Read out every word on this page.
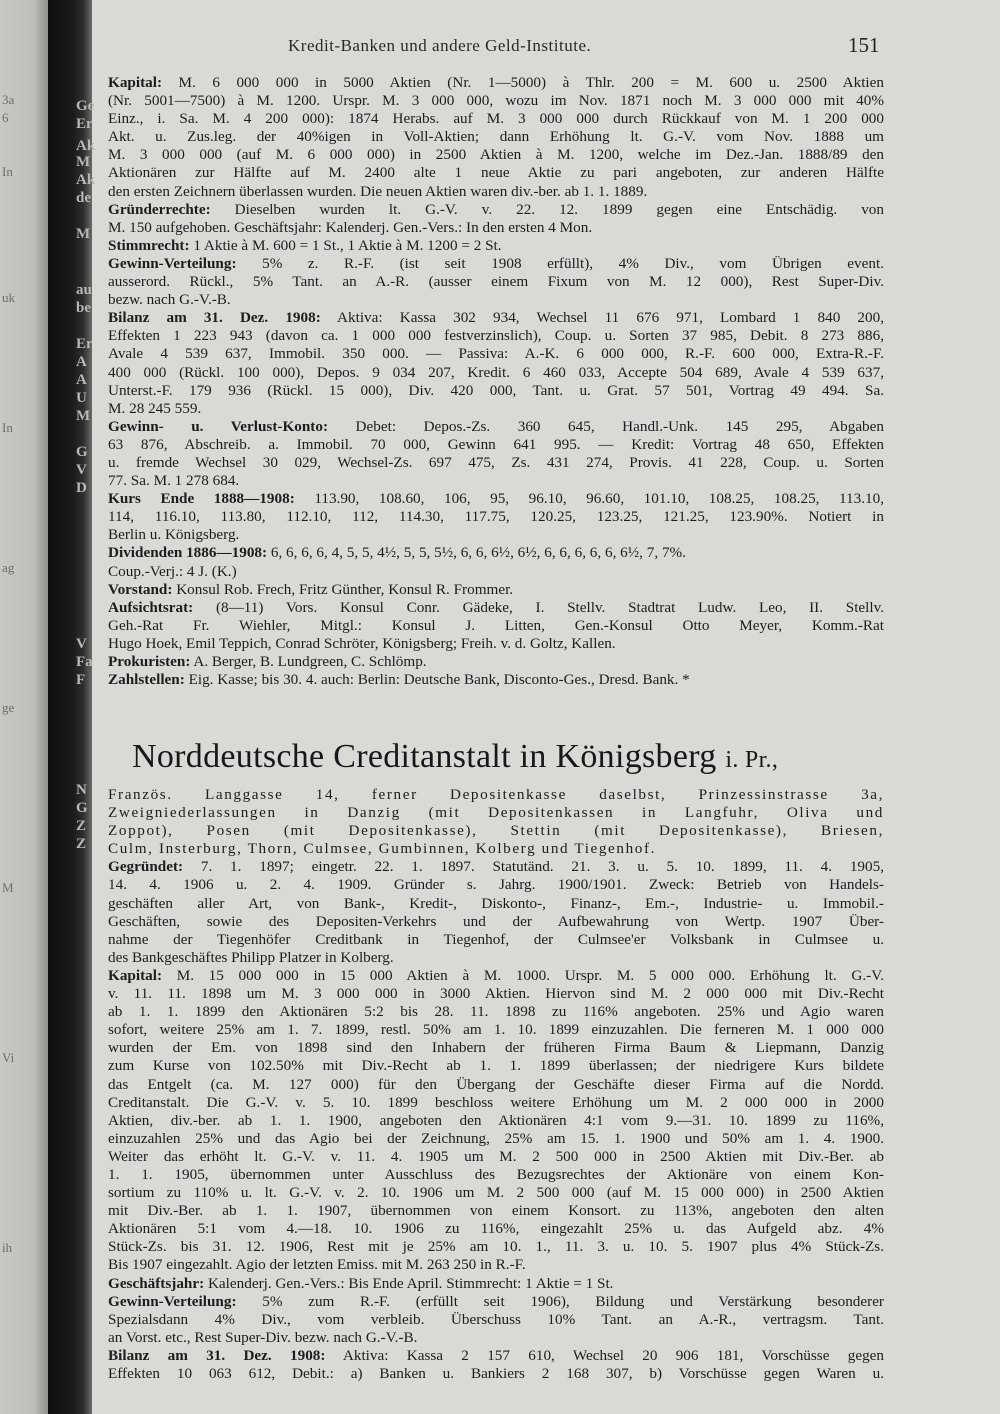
3a
6
In
uk
In
ag
ge
M
Vi
ih
Ge
Er
Ak
M
Ak
de
M
au
be
Er
A
A
U
M
G
V
D
V
Fa
F
N
G
Z
Z
Kredit-Banken und andere Geld-Institute.	151
Kapital: M. 6 000 000 in 5000 Aktien (Nr. 1—5000) à Thlr. 200 = M. 600 u. 2500 Aktien
(Nr. 5001—7500) à M. 1200. Urspr. M. 3 000 000, wozu im Nov. 1871 noch M. 3 000 000 mit 40%
Einz., i. Sa. M. 4 200 000): 1874 Herabs. auf M. 3 000 000 durch Rückkauf von M. 1 200 000
Akt. u. Zus.leg. der 40%igen in Voll-Aktien; dann Erhöhung lt. G.-V. vom Nov. 1888 um
M. 3 000 000 (auf M. 6 000 000) in 2500 Aktien à M. 1200, welche im Dez.-Jan. 1888/89 den
Aktionären zur Hälfte auf M. 2400 alte 1 neue Aktie zu pari angeboten, zur anderen Hälfte
den ersten Zeichnern überlassen wurden. Die neuen Aktien waren div.-ber. ab 1. 1. 1889.
Gründerrechte: Dieselben wurden lt. G.-V. v. 22. 12. 1899 gegen eine Entschädig. von
M. 150 aufgehoben. Geschäftsjahr: Kalenderj. Gen.-Vers.: In den ersten 4 Mon.
Stimmrecht: 1 Aktie à M. 600 = 1 St., 1 Aktie à M. 1200 = 2 St.
Gewinn-Verteilung: 5% z. R.-F. (ist seit 1908 erfüllt), 4% Div., vom Übrigen event.
ausserord. Rückl., 5% Tant. an A.-R. (ausser einem Fixum von M. 12 000), Rest Super-Div.
bezw. nach G.-V.-B.
Bilanz am 31. Dez. 1908: Aktiva: Kassa 302 934, Wechsel 11 676 971, Lombard 1 840 200,
Effekten 1 223 943 (davon ca. 1 000 000 festverzinslich), Coup. u. Sorten 37 985, Debit. 8 273 886,
Avale 4 539 637, Immobil. 350 000. — Passiva: A.-K. 6 000 000, R.-F. 600 000, Extra-R.-F.
400 000 (Rückl. 100 000), Depos. 9 034 207, Kredit. 6 460 033, Accepte 504 689, Avale 4 539 637,
Unterst.-F. 179 936 (Rückl. 15 000), Div. 420 000, Tant. u. Grat. 57 501, Vortrag 49 494. Sa.
M. 28 245 559.
Gewinn- u. Verlust-Konto: Debet: Depos.-Zs. 360 645, Handl.-Unk. 145 295, Abgaben
63 876, Abschreib. a. Immobil. 70 000, Gewinn 641 995. — Kredit: Vortrag 48 650, Effekten
u. fremde Wechsel 30 029, Wechsel-Zs. 697 475, Zs. 431 274, Provis. 41 228, Coup. u. Sorten
77. Sa. M. 1 278 684.
Kurs Ende 1888—1908: 113.90, 108.60, 106, 95, 96.10, 96.60, 101.10, 108.25, 108.25, 113.10,
114, 116.10, 113.80, 112.10, 112, 114.30, 117.75, 120.25, 123.25, 121.25, 123.90%. Notiert in
Berlin u. Königsberg.
Dividenden 1886—1908: 6, 6, 6, 6, 4, 5, 5, 4½, 5, 5, 5½, 6, 6, 6½, 6½, 6, 6, 6, 6, 6, 6½, 7, 7%.
Coup.-Verj.: 4 J. (K.)
Vorstand: Konsul Rob. Frech, Fritz Günther, Konsul R. Frommer.
Aufsichtsrat: (8—11) Vors. Konsul Conr. Gädeke, I. Stellv. Stadtrat Ludw. Leo, II. Stellv.
Geh.-Rat Fr. Wiehler, Mitgl.: Konsul J. Litten, Gen.-Konsul Otto Meyer, Komm.-Rat
Hugo Hoek, Emil Teppich, Conrad Schröter, Königsberg; Freih. v. d. Goltz, Kallen.
Prokuristen: A. Berger, B. Lundgreen, C. Schlömp.
Zahlstellen: Eig. Kasse; bis 30. 4. auch: Berlin: Deutsche Bank, Disconto-Ges., Dresd. Bank. *
Norddeutsche Creditanstalt in Königsberg i. Pr.,
Französ. Langgasse 14, ferner Depositenkasse daselbst, Prinzessinstrasse 3a,
Zweigniederlassungen in Danzig (mit Depositenkassen in Langfuhr, Oliva und
Zoppot), Posen (mit Depositenkasse), Stettin (mit Depositenkasse), Briesen,
Culm, Insterburg, Thorn, Culmsee, Gumbinnen, Kolberg und Tiegenhof.
Gegründet: 7. 1. 1897; eingetr. 22. 1. 1897. Statutänd. 21. 3. u. 5. 10. 1899, 11. 4. 1905,
14. 4. 1906 u. 2. 4. 1909. Gründer s. Jahrg. 1900/1901. Zweck: Betrieb von Handels-
geschäften aller Art, von Bank-, Kredit-, Diskonto-, Finanz-, Em.-, Industrie- u. Immobil.-
Geschäften, sowie des Depositen-Verkehrs und der Aufbewahrung von Wertp. 1907 Über-
nahme der Tiegenhöfer Creditbank in Tiegenhof, der Culmsee'er Volksbank in Culmsee u.
des Bankgeschäftes Philipp Platzer in Kolberg.
Kapital: M. 15 000 000 in 15 000 Aktien à M. 1000. Urspr. M. 5 000 000. Erhöhung lt. G.-V.
v. 11. 11. 1898 um M. 3 000 000 in 3000 Aktien. Hiervon sind M. 2 000 000 mit Div.-Recht
ab 1. 1. 1899 den Aktionären 5:2 bis 28. 11. 1898 zu 116% angeboten. 25% und Agio waren
sofort, weitere 25% am 1. 7. 1899, restl. 50% am 1. 10. 1899 einzuzahlen. Die ferneren M. 1 000 000
wurden der Em. von 1898 sind den Inhabern der früheren Firma Baum & Liepmann, Danzig
zum Kurse von 102.50% mit Div.-Recht ab 1. 1. 1899 überlassen; der niedrigere Kurs bildete
das Entgelt (ca. M. 127 000) für den Übergang der Geschäfte dieser Firma auf die Nordd.
Creditanstalt. Die G.-V. v. 5. 10. 1899 beschloss weitere Erhöhung um M. 2 000 000 in 2000
Aktien, div.-ber. ab 1. 1. 1900, angeboten den Aktionären 4:1 vom 9.—31. 10. 1899 zu 116%,
einzuzahlen 25% und das Agio bei der Zeichnung, 25% am 15. 1. 1900 und 50% am 1. 4. 1900.
Weiter das erhöht lt. G.-V. v. 11. 4. 1905 um M. 2 500 000 in 2500 Aktien mit Div.-Ber. ab
1. 1. 1905, übernommen unter Ausschluss des Bezugsrechtes der Aktionäre von einem Kon-
sortium zu 110% u. lt. G.-V. v. 2. 10. 1906 um M. 2 500 000 (auf M. 15 000 000) in 2500 Aktien
mit Div.-Ber. ab 1. 1. 1907, übernommen von einem Konsort. zu 113%, angeboten den alten
Aktionären 5:1 vom 4.—18. 10. 1906 zu 116%, eingezahlt 25% u. das Aufgeld abz. 4%
Stück-Zs. bis 31. 12. 1906, Rest mit je 25% am 10. 1., 11. 3. u. 10. 5. 1907 plus 4% Stück-Zs.
Bis 1907 eingezahlt. Agio der letzten Emiss. mit M. 263 250 in R.-F.
Geschäftsjahr: Kalenderj. Gen.-Vers.: Bis Ende April. Stimmrecht: 1 Aktie = 1 St.
Gewinn-Verteilung: 5% zum R.-F. (erfüllt seit 1906), Bildung und Verstärkung besonderer
Spezialsdann 4% Div., vom verbleib. Überschuss 10% Tant. an A.-R., vertragsm. Tant.
an Vorst. etc., Rest Super-Div. bezw. nach G.-V.-B.
Bilanz am 31. Dez. 1908: Aktiva: Kassa 2 157 610, Wechsel 20 906 181, Vorschüsse gegen
Effekten 10 063 612, Debit.: a) Banken u. Bankiers 2 168 307, b) Vorschüsse gegen Waren u.
